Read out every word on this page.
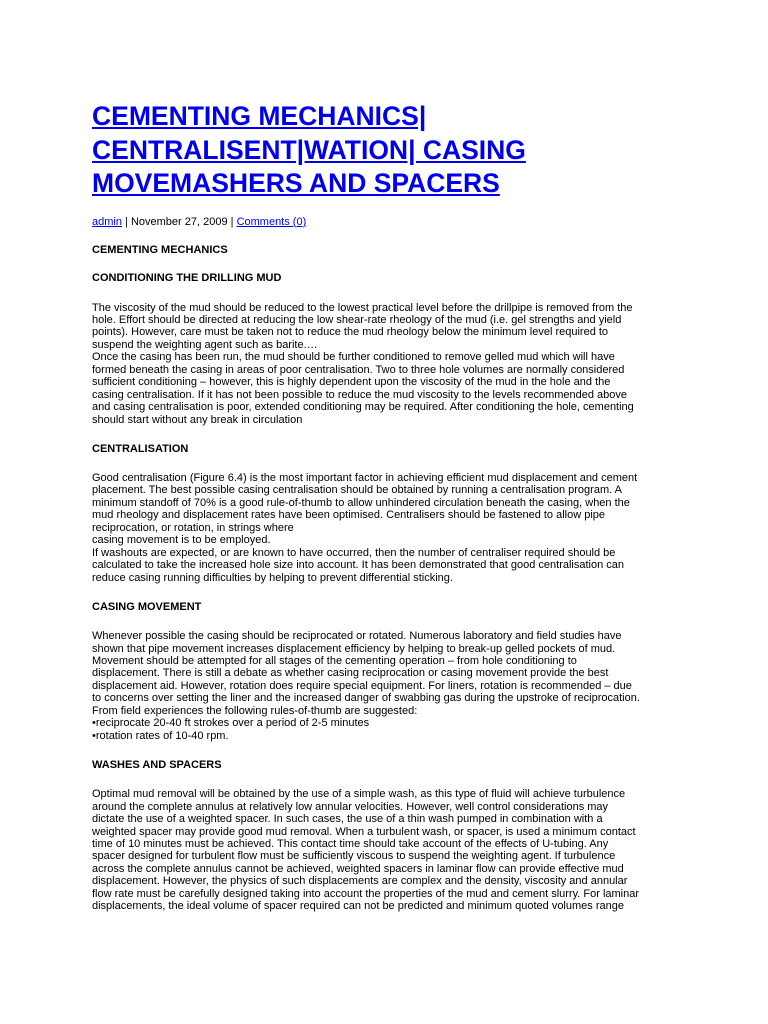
CEMENTING MECHANICS|
CENTRALISENT|WATION| CASING
MOVEMASHERS AND SPACERS
admin | November 27, 2009 | Comments (0)
CEMENTING MECHANICS
CONDITIONING THE DRILLING MUD
The viscosity of the mud should be reduced to the lowest practical level before the drillpipe is removed from the
hole. Effort should be directed at reducing the low shear-rate rheology of the mud (i.e. gel strengths and yield
points). However, care must be taken not to reduce the mud rheology below the minimum level required to
suspend the weighting agent such as barite.…
Once the casing has been run, the mud should be further conditioned to remove gelled mud which will have
formed beneath the casing in areas of poor centralisation. Two to three hole volumes are normally considered
sufficient conditioning – however, this is highly dependent upon the viscosity of the mud in the hole and the
casing centralisation. If it has not been possible to reduce the mud viscosity to the levels recommended above
and casing centralisation is poor, extended conditioning may be required. After conditioning the hole, cementing
should start without any break in circulation
CENTRALISATION
Good centralisation (Figure 6.4) is the most important factor in achieving efficient mud displacement and cement
placement. The best possible casing centralisation should be obtained by running a centralisation program. A
minimum standoff of 70% is a good rule-of-thumb to allow unhindered circulation beneath the casing, when the
mud rheology and displacement rates have been optimised. Centralisers should be fastened to allow pipe
reciprocation, or rotation, in strings where
casing movement is to be employed.
If washouts are expected, or are known to have occurred, then the number of centraliser required should be
calculated to take the increased hole size into account. It has been demonstrated that good centralisation can
reduce casing running difficulties by helping to prevent differential sticking.
CASING MOVEMENT
Whenever possible the casing should be reciprocated or rotated. Numerous laboratory and field studies have
shown that pipe movement increases displacement efficiency by helping to break-up gelled pockets of mud.
Movement should be attempted for all stages of the cementing operation – from hole conditioning to
displacement. There is still a debate as whether casing reciprocation or casing movement provide the best
displacement aid. However, rotation does require special equipment. For liners, rotation is recommended – due
to concerns over setting the liner and the increased danger of swabbing gas during the upstroke of reciprocation.
From field experiences the following rules-of-thumb are suggested:
•reciprocate 20-40 ft strokes over a period of 2-5 minutes
•rotation rates of 10-40 rpm.
WASHES AND SPACERS
Optimal mud removal will be obtained by the use of a simple wash, as this type of fluid will achieve turbulence
around the complete annulus at relatively low annular velocities. However, well control considerations may
dictate the use of a weighted spacer. In such cases, the use of a thin wash pumped in combination with a
weighted spacer may provide good mud removal. When a turbulent wash, or spacer, is used a minimum contact
time of 10 minutes must be achieved. This contact time should take account of the effects of U-tubing. Any
spacer designed for turbulent flow must be sufficiently viscous to suspend the weighting agent. If turbulence
across the complete annulus cannot be achieved, weighted spacers in laminar flow can provide effective mud
displacement. However, the physics of such displacements are complex and the density, viscosity and annular
flow rate must be carefully designed taking into account the properties of the mud and cement slurry. For laminar
displacements, the ideal volume of spacer required can not be predicted and minimum quoted volumes range
